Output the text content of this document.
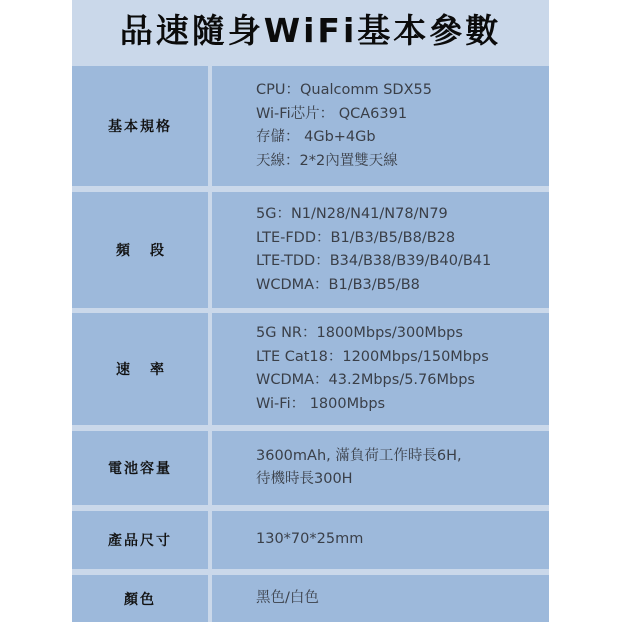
品速隨身WiFi基本參數
基本規格
CPU：Qualcomm SDX55
Wi-Fi芯片： QCA6391
存儲： 4Gb+4Gb
天線：2*2內置雙天線
頻段
5G：N1/N28/N41/N78/N79
LTE-FDD：B1/B3/B5/B8/B28
LTE-TDD：B34/B38/B39/B40/B41
WCDMA：B1/B3/B5/B8
速率
5G NR：1800Mbps/300Mbps
LTE Cat18：1200Mbps/150Mbps
WCDMA：43.2Mbps/5.76Mbps
Wi-Fi： 1800Mbps
電池容量
3600mAh, 滿負荷工作時長6H,
待機時長300H
產品尺寸	130*70*25mm
顏色	黑色/白色
